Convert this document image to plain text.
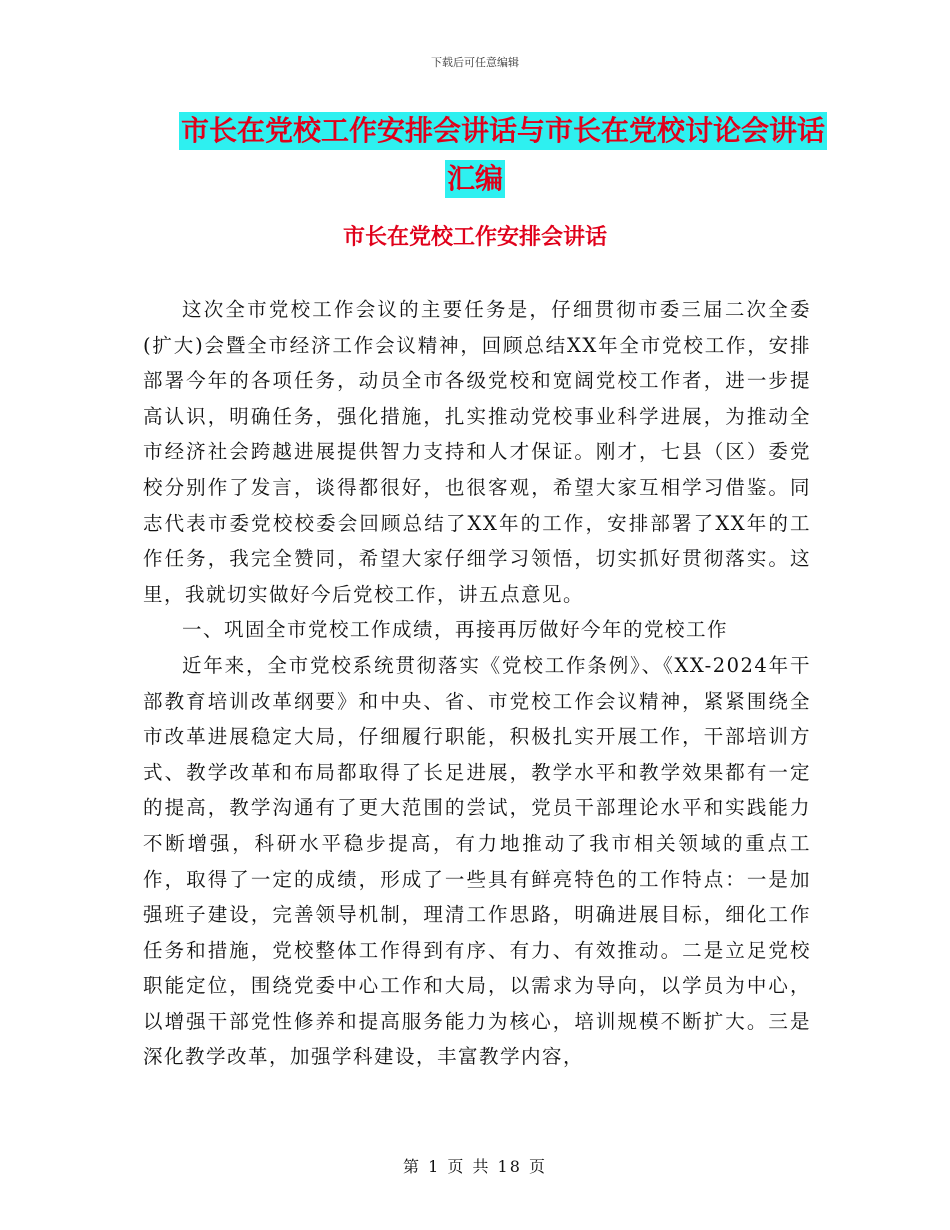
下载后可任意编辑
市长在党校工作安排会讲话与市长在党校讨论会讲话
汇编
市长在党校工作安排会讲话

这次全市党校工作会议的主要任务是，仔细贯彻市委三届二次全委(扩大)会暨全市经济工作会议精神，回顾总结XX年全市党校工作，安排部署今年的各项任务，动员全市各级党校和宽阔党校工作者，进一步提高认识，明确任务，强化措施，扎实推动党校事业科学进展，为推动全市经济社会跨越进展提供智力支持和人才保证。刚才，七县（区）委党校分别作了发言，谈得都很好，也很客观，希望大家互相学习借鉴。同志代表市委党校校委会回顾总结了XX年的工作，安排部署了XX年的工作任务，我完全赞同，希望大家仔细学习领悟，切实抓好贯彻落实。这里，我就切实做好今后党校工作，讲五点意见。

一、巩固全市党校工作成绩，再接再厉做好今年的党校工作

近年来，全市党校系统贯彻落实《党校工作条例》、《XX-2024年干部教育培训改革纲要》和中央、省、市党校工作会议精神，紧紧围绕全市改革进展稳定大局，仔细履行职能，积极扎实开展工作，干部培训方式、教学改革和布局都取得了长足进展，教学水平和教学效果都有一定的提高，教学沟通有了更大范围的尝试，党员干部理论水平和实践能力不断增强，科研水平稳步提高，有力地推动了我市相关领域的重点工作，取得了一定的成绩，形成了一些具有鲜亮特色的工作特点：一是加强班子建设，完善领导机制，理清工作思路，明确进展目标，细化工作任务和措施，党校整体工作得到有序、有力、有效推动。二是立足党校职能定位，围绕党委中心工作和大局，以需求为导向，以学员为中心，以增强干部党性修养和提高服务能力为核心，培训规模不断扩大。三是深化教学改革，加强学科建设，丰富教学内容，

第 1 页 共 18 页
